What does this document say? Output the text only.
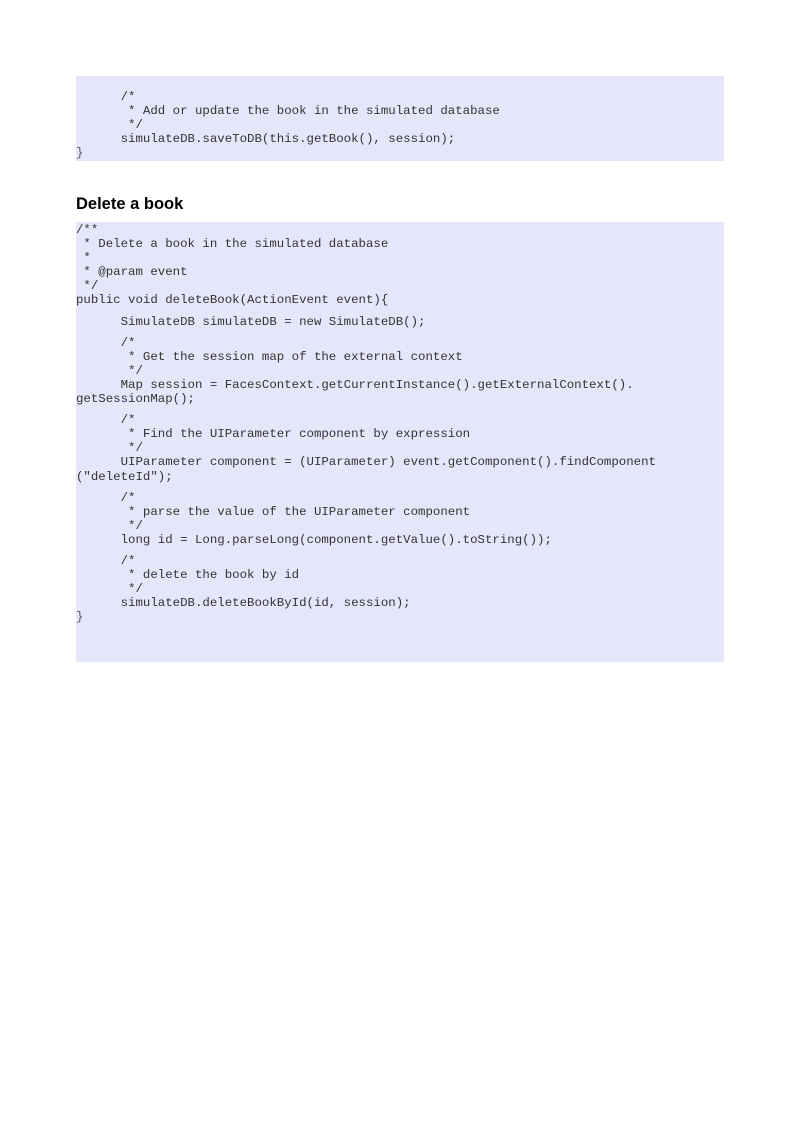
/*
* Add or update the book in the simulated database
*/
simulateDB.saveToDB(this.getBook(), session);
}
Delete a book
/**
* Delete a book in the simulated database
*
* @param event
*/
public void deleteBook(ActionEvent event){
SimulateDB simulateDB = new SimulateDB();
/*
* Get the session map of the external context
*/
Map session = FacesContext.getCurrentInstance().getExternalContext().
getSessionMap();
/*
* Find the UIParameter component by expression
*/
UIParameter component = (UIParameter) event.getComponent().findComponent
("deleteId");
/*
* parse the value of the UIParameter component
*/
long id = Long.parseLong(component.getValue().toString());
/*
* delete the book by id
*/
simulateDB.deleteBookById(id, session);
}
